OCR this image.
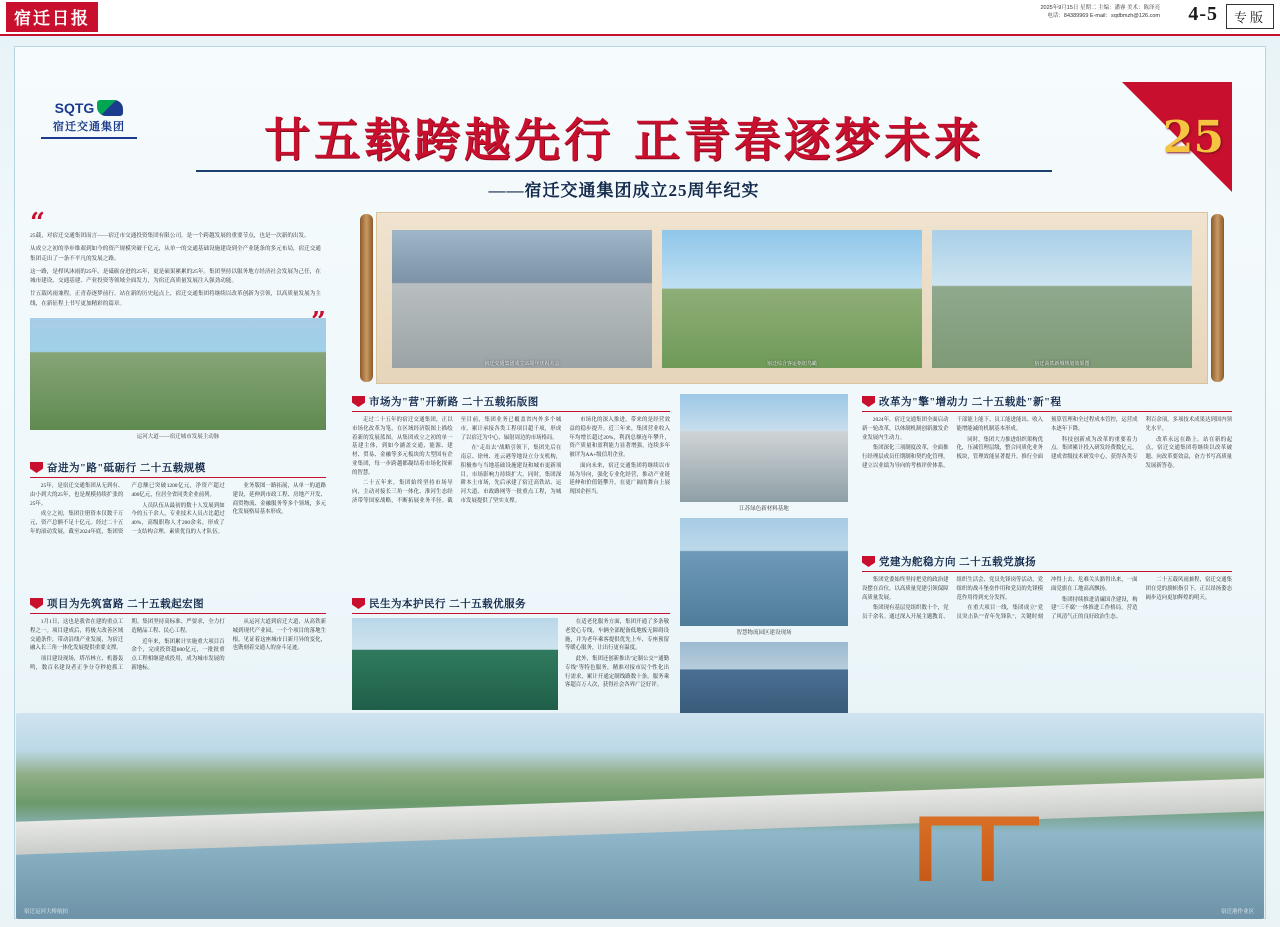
宿迁日报
2025年9月15日 星期二 主编：潘睿 美术：陈泽亮
电话：84389969 E-mail：sqdbmzh@126.com 4-5	专版
SQTG
宿迁交通集团	廿五载跨越先行 正青春逐梦未来
——宿迁交通集团成立25周年纪实
25
“

25载，对宿迁交通集团而言——宿迁市交通投资集团有限公司，是一个跨越发展的重要节点，也是一次新的出发。

从成立之初的举步维艰到如今的资产规模突破千亿元，从单一的交通基础设施建设到全产业链条的多元布局，宿迁交通集团走出了一条不平凡的发展之路。

这一路，是栉风沐雨的25年，是砥砺奋进的25年，更是硕果累累的25年。集团坚持以服务地方经济社会发展为己任，在城市建设、交通基建、产业投资等领域全面发力，为宿迁高质量发展注入强劲动能。

廿五载风雨兼程，正青春逐梦前行。站在新的历史起点上，宿迁交通集团将继续以改革创新为引领，以高质量发展为主线，在新征程上书写更加精彩的篇章。

宿迁交通集团成立25周年庆祝大会	宿迁综合客运枢纽鸟瞰	宿迁高铁新城规划效果图
运河大道——宿迁城市发展主动脉
奋进为"路"砥砺行 二十五载规模

25年，是宿迁交通集团从无到有、由小到大的25年，也是规模持续扩张的25年。

成立之初，集团注册资本仅数千万元，资产总额不足十亿元。经过二十五年的滚动发展，截至2024年底，集团资产总额已突破1200亿元，净资产超过400亿元，位居全省同类企业前列。

人员队伍从最初的数十人发展到如今的五千余人，专业技术人员占比超过40%，高级职称人才200余名，形成了一支结构合理、素质优良的人才队伍。

业务版图一路拓展，从单一的道路建设，延伸到市政工程、房地产开发、商贸物流、金融服务等多个领域，多元化发展格局基本形成。

项目为先筑富路 二十五载起宏图

1月1日，这也是我省在建的重点工程之一。项目建成后，将极大改善区域交通条件，带动沿线产业发展，为宿迁融入长三角一体化发展提供重要支撑。

项目建设现场，塔吊林立、机器轰鸣，数百名建设者正争分夺秒抢抓工期。集团坚持高标准、严要求，全力打造精品工程、民心工程。

近年来，集团累计实施重大项目百余个，完成投资超800亿元，一批批重点工程相继建成投用，成为城市发展的新地标。

从运河大道到宿迁大道，从高铁新城到现代产业园，一个个项目的落地生根，见证着这座城市日新月异的变化，也镌刻着交通人的奋斗足迹。

市场为"营"开新路 二十五载拓版图

走过二十五年的宿迁交通集团，正以市场化改革为笔，在区域经济版图上描绘着新的发展蓝图。从集团成立之初的单一基建主体，到如今涵盖交通、能源、建材、贸易、金融等多元板块的大型国有企业集团，每一步跨越都凝结着市场化探索的智慧。

二十五年来，集团始终坚持市场导向，主动对接长三角一体化、淮河生态经济带等国家战略，不断拓展业务半径。截至目前，集团业务已覆盖省内外多个城市，累计承接各类工程项目超千项，形成了以宿迁为中心、辐射周边的市场格局。

在"走出去"战略引领下，集团先后在南京、徐州、连云港等地设立分支机构，积极参与当地基础设施建设和城市更新项目，市场影响力持续扩大。同时，集团深耕本土市场，先后承建了宿迁高铁站、运河大道、市政路网等一批重点工程，为城市发展提供了坚实支撑。

市场化的深入推进，带来的是经营效益的稳步提升。近三年来，集团营业收入年均增长超过20%，利润总额连年攀升，资产质量和盈利能力显著增强，连续多年被评为AA+级信用企业。

面向未来，宿迁交通集团将继续以市场为导向，强化专业化经营，推动产业链延伸和价值链攀升，在更广阔的舞台上展现国企担当。

民生为本护民行 二十五载优服务

在适老化服务方面，集团开通了多条敬老爱心专线，车辆全部配备低地板无障碍设施，并为老年乘客提供优先上车、专座预留等暖心服务，让出行更有温度。

此外，集团还创新推出"定制公交""通勤专线"等特色服务，精准对接市民个性化出行需求，累计开通定制线路数十条，服务乘客超百万人次，获得社会各界广泛好评。

江苏绿色新材料基地
智慧物流园区建设现场
改革为"擎"增动力 二十五载赴"新"程

2024年，宿迁交通集团全面启动新一轮改革，以体制机制创新激发企业发展内生动力。

集团深化三项制度改革，全面推行经理层成员任期制和契约化管理，建立以业绩为导向的考核评价体系，干部能上能下、员工能进能出、收入能增能减的机制基本形成。

同时，集团大力推进组织架构优化，压减管理层级，整合同质化业务板块，管理效能显著提升。推行全面预算管理和全过程成本管控，运营成本逐年下降。

科技创新成为改革的重要着力点。集团累计投入研发经费数亿元，建成省级技术研发中心，获得各类专利百余项，多项技术成果达到国内领先水平。

改革永远在路上。站在新的起点，宿迁交通集团将继续以改革破题、向改革要效益，奋力书写高质量发展新答卷。

党建为舵稳方向 二十五载党旗扬

集团党委始终坚持把党的政治建设摆在首位，以高质量党建引领保障高质量发展。

集团现有基层党组织数十个，党员千余名。通过深入开展主题教育、组织生活会、党员先锋岗等活动，党组织的战斗堡垒作用和党员的先锋模范作用得到充分发挥。

在重大项目一线，集团成立"党员突击队""青年先锋队"，关键时刻冲得上去、危难关头豁得出来，一面面党旗在工地高高飘扬。

集团持续推进清廉国企建设，构建"三不腐"一体推进工作格局，营造了风清气正的良好政治生态。

二十五载风雨兼程，宿迁交通集团在党的旗帜指引下，正以昂扬姿态阔步迈向更加辉煌的明天。

宿迁运河大桥航拍	宿迁港作业区
